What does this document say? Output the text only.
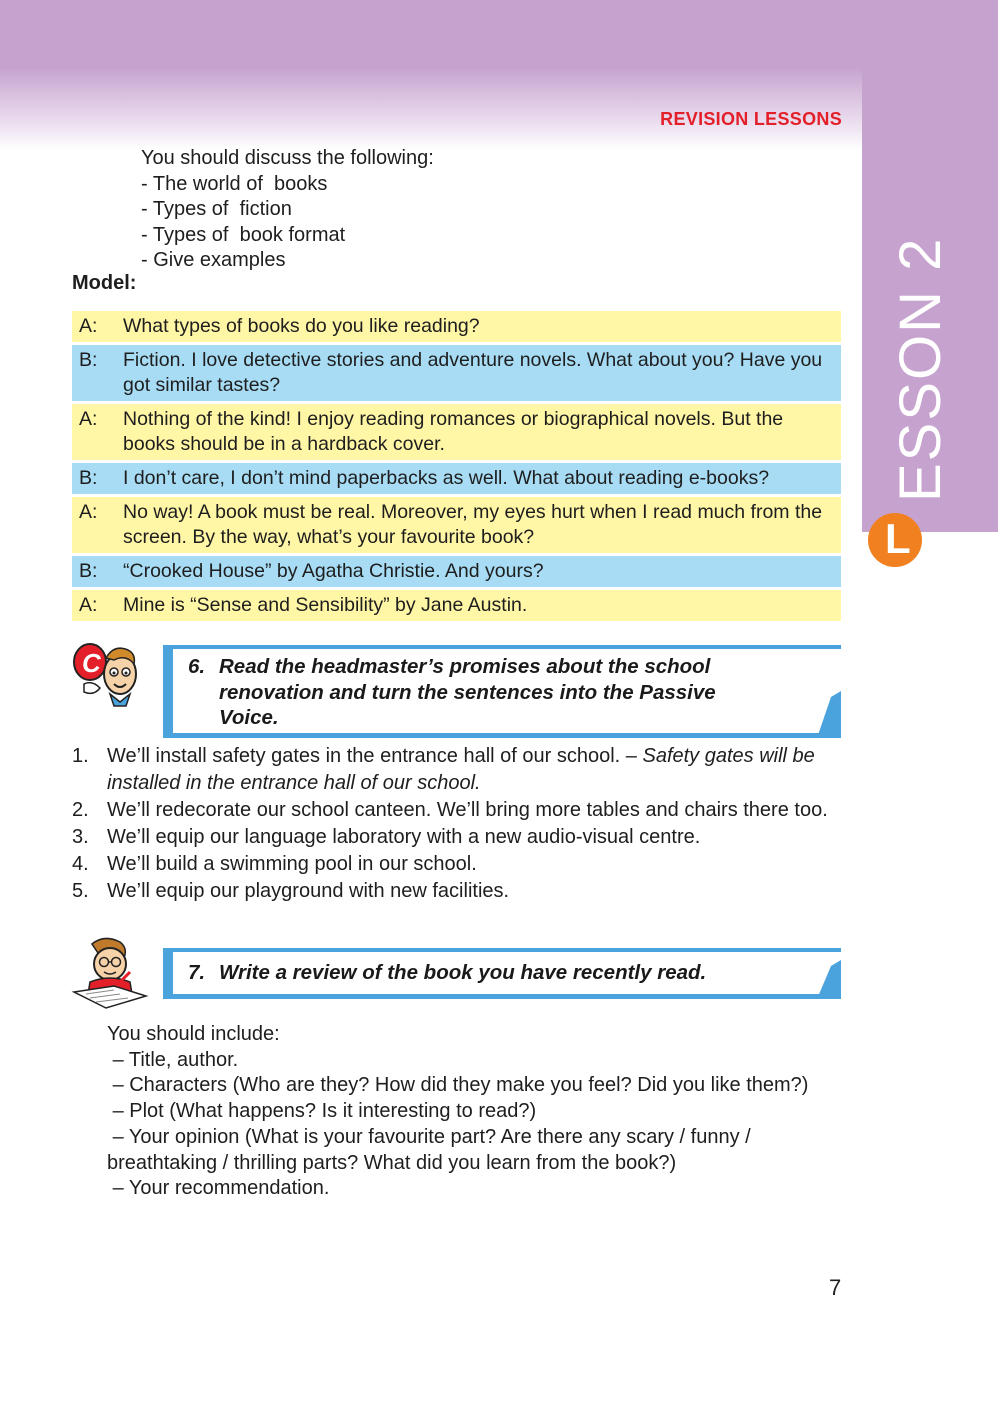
REVISION LESSONS
L
ESSON 2
You should discuss the following:
- The world of  books
- Types of  fiction
- Types of  book format
- Give examples
Model:
A:	What types of books do you like reading?
B:	Fiction. I love detective stories and adventure novels. What about you? Have you got similar tastes?
A:	Nothing of the kind! I enjoy reading romances or biographical novels. But the books should be in a hardback cover.
B:	I don’t care, I don’t mind paperbacks as well. What about reading e-books?
A:	No way! A book must be real. Moreover, my eyes hurt when I read much from the screen. By the way, what’s your favourite book?
B:	“Crooked House” by Agatha Christie. And yours?
A:	Mine is “Sense and Sensibility” by Jane Austin.
C	6. Read the headmaster’s promises about the school
renovation and turn the sentences into the Passive
Voice.
1. We’ll install safety gates in the entrance hall of our school. – Safety gates will be installed in the entrance hall of our school.
2. We’ll redecorate our school canteen. We’ll bring more tables and chairs there too.
3. We’ll equip our language laboratory with a new audio-visual centre.
4. We’ll build a swimming pool in our school.
5. We’ll equip our playground with new facilities.
7. Write a review of the book you have recently read.
You should include:
– Title, author.
– Characters (Who are they? How did they make you feel? Did you like them?)
– Plot (What happens? Is it interesting to read?)
– Your opinion (What is your favourite part? Are there any scary / funny / breathtaking / thrilling parts? What did you learn from the book?)
– Your recommendation.
7
